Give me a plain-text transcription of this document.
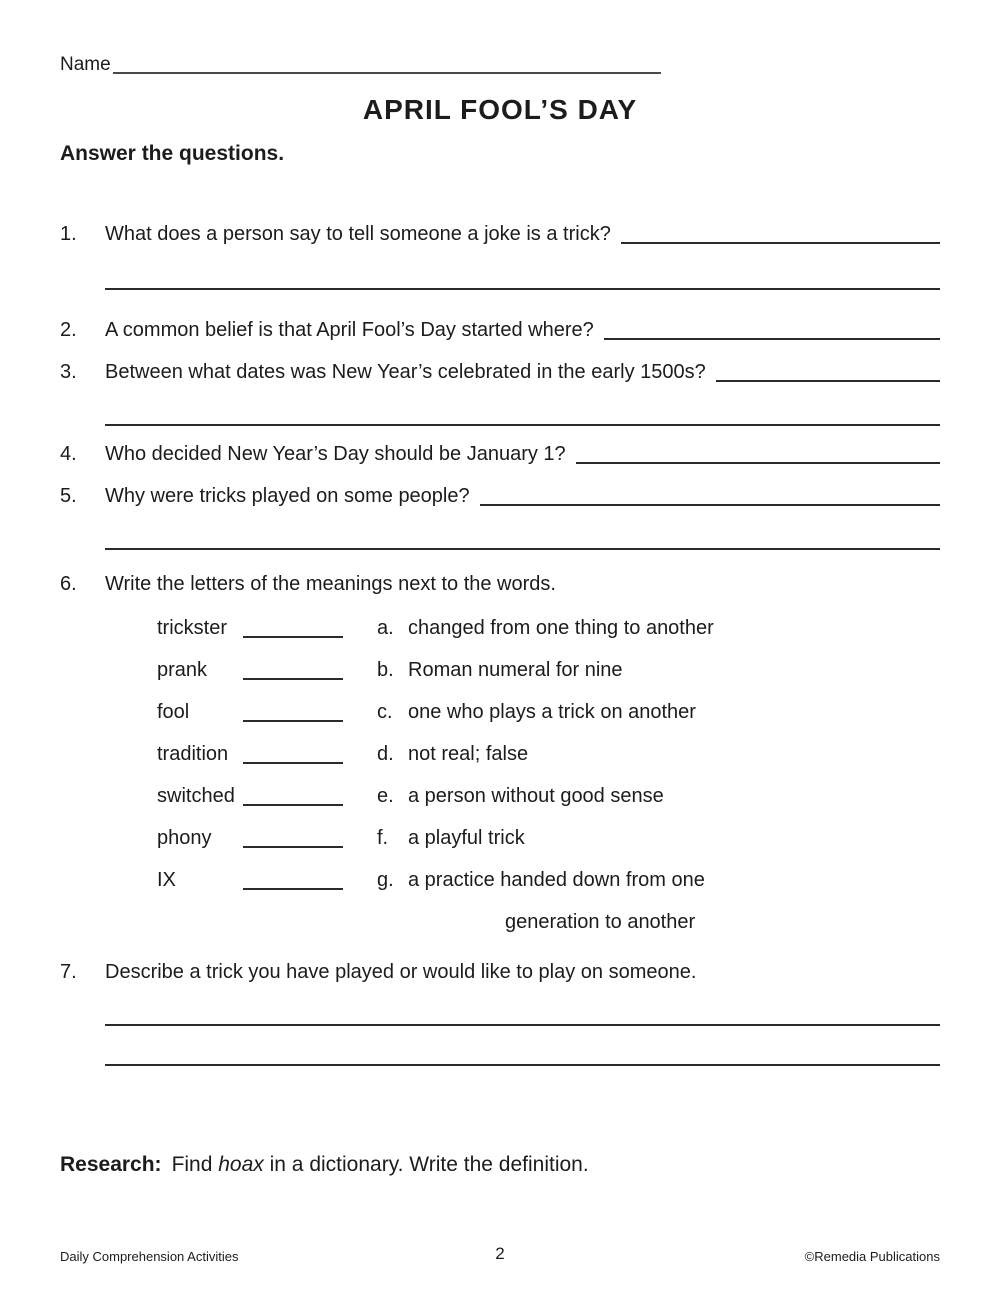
Name
APRIL FOOL’S DAY
Answer the questions.
1.	What does a person say to tell someone a joke is a trick?
2.	A common belief is that April Fool’s Day started where?
3.	Between what dates was New Year’s celebrated in the early 1500s?
4.	Who decided New Year’s Day should be January 1?
5.	Why were tricks played on some people?
6.	Write the letters of the meanings next to the words.
trickster	a. changed from one thing to another
prank	b. Roman numeral for nine
fool	c. one who plays a trick on another
tradition	d. not real; false
switched	e. a person without good sense
phony	f. a playful trick
IX	g. a practice handed down from one
generation to another
7.	Describe a trick you have played or would like to play on someone.

Research: Find hoax in a dictionary. Write the definition.

Daily Comprehension Activities	2	©Remedia Publications
